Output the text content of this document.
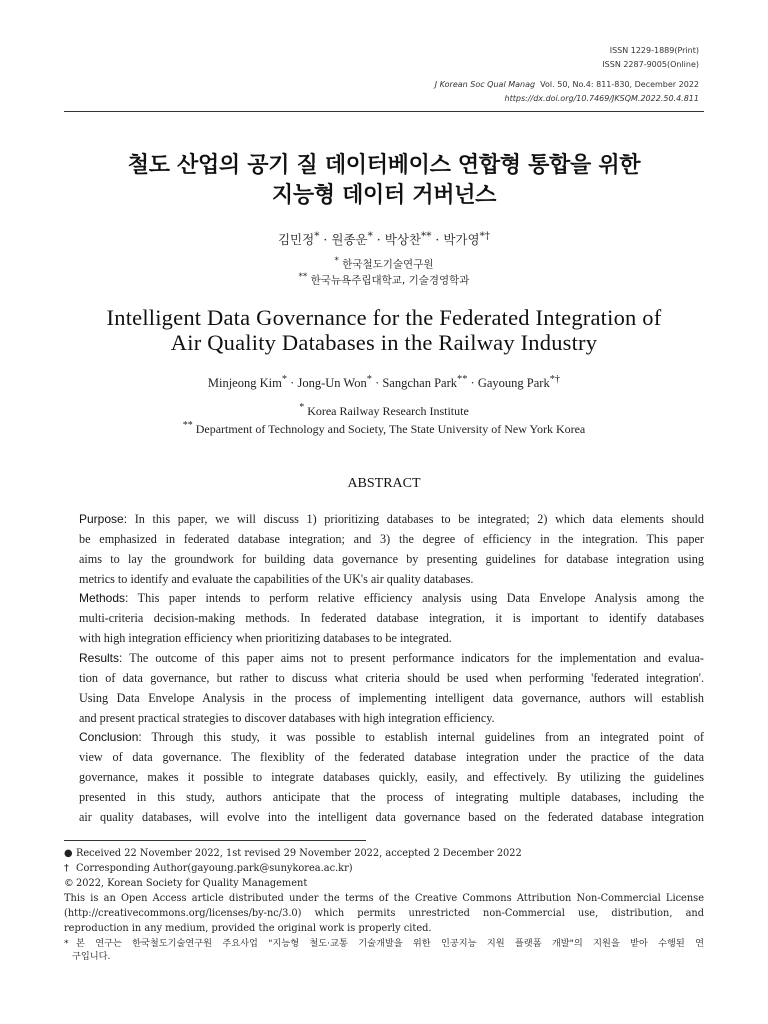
ISSN 1229-1889(Print)
ISSN 2287-9005(Online)
J Korean Soc Qual Manag Vol. 50, No.4: 811-830, December 2022
https://dx.doi.org/10.7469/JKSQM.2022.50.4.811
철도 산업의 공기 질 데이터베이스 연합형 통합을 위한
지능형 데이터 거버넌스
김민정* · 원종운* · 박상찬** · 박가영*†
* 한국철도기술연구원
** 한국뉴욕주립대학교, 기술경영학과
Intelligent Data Governance for the Federated Integration of
Air Quality Databases in the Railway Industry
Minjeong Kim* · Jong-Un Won* · Sangchan Park** · Gayoung Park*†
* Korea Railway Research Institute
** Department of Technology and Society, The State University of New York Korea
ABSTRACT
Purpose: In this paper, we will discuss 1) prioritizing databases to be integrated; 2) which data elements should
be emphasized in federated database integration; and 3) the degree of efficiency in the integration. This paper
aims to lay the groundwork for building data governance by presenting guidelines for database integration using
metrics to identify and evaluate the capabilities of the UK's air quality databases.
Methods: This paper intends to perform relative efficiency analysis using Data Envelope Analysis among the
multi-criteria decision-making methods. In federated database integration, it is important to identify databases
with high integration efficiency when prioritizing databases to be integrated.
Results: The outcome of this paper aims not to present performance indicators for the implementation and evalua-
tion of data governance, but rather to discuss what criteria should be used when performing 'federated integration'.
Using Data Envelope Analysis in the process of implementing intelligent data governance, authors will establish
and present practical strategies to discover databases with high integration efficiency.
Conclusion: Through this study, it was possible to establish internal guidelines from an integrated point of
view of data governance. The flexiblity of the federated database integration under the practice of the data
governance, makes it possible to integrate databases quickly, easily, and effectively. By utilizing the guidelines
presented in this study, authors anticipate that the process of integrating multiple databases, including the
air quality databases, will evolve into the intelligent data governance based on the federated database integration
● Received 22 November 2022, 1st revised 29 November 2022, accepted 2 December 2022
† Corresponding Author(gayoung.park@sunykorea.ac.kr)
© 2022, Korean Society for Quality Management
This is an Open Access article distributed under the terms of the Creative Commons Attribution Non-Commercial License
(http://creativecommons.org/licenses/by-nc/3.0) which permits unrestricted non-Commercial use, distribution, and
reproduction in any medium, provided the original work is properly cited.
* 본 연구는 한국철도기술연구원 주요사업 "지능형 철도·교통 기술개발을 위한 인공지능 지원 플랫폼 개발"의 지원을 받아 수행된 연
구입니다.
